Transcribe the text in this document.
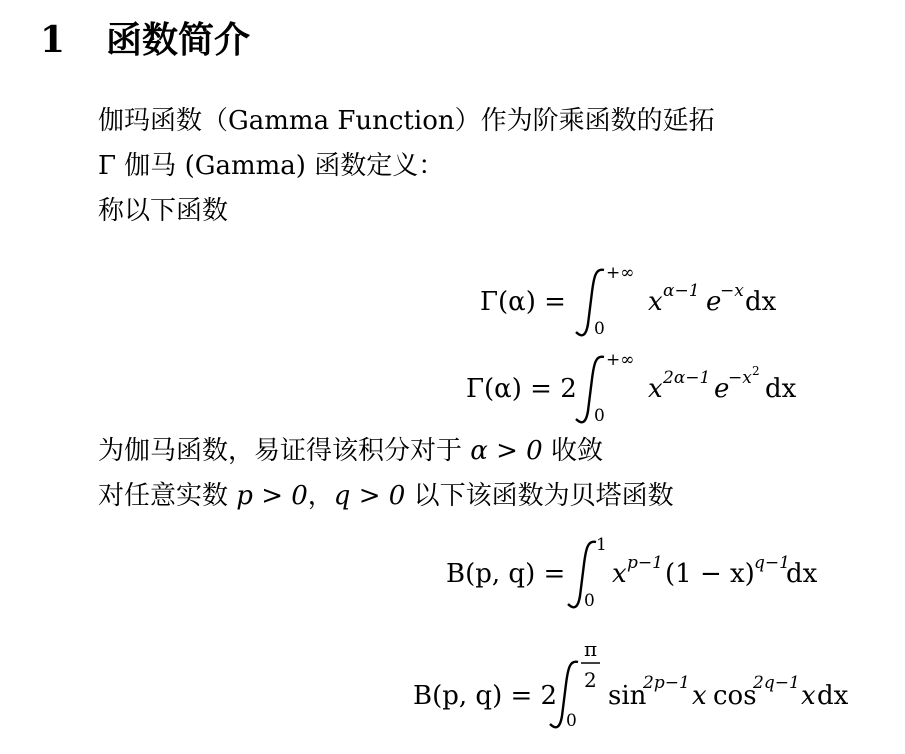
1 函数简介
伽玛函数（Gamma Function）作为阶乘函数的延拓
Γ 伽马 (Gamma) 函数定义：
称以下函数
Γ(α) =
0
+∞
x α−1 e
−x dx
Γ(α) = 2
0
+∞
x 2α−1 e
−x 2
dx
为伽马函数，易证得该积分对于 α > 0 收敛
对任意实数 p > 0，q > 0 以下该函数为贝塔函数
B(p, q) =
0
1
x p−1 (1 − x) q−1
dx
B(p, q) = 2
0
π
2
sin
2p−1 x cos
2q−1 x dx
